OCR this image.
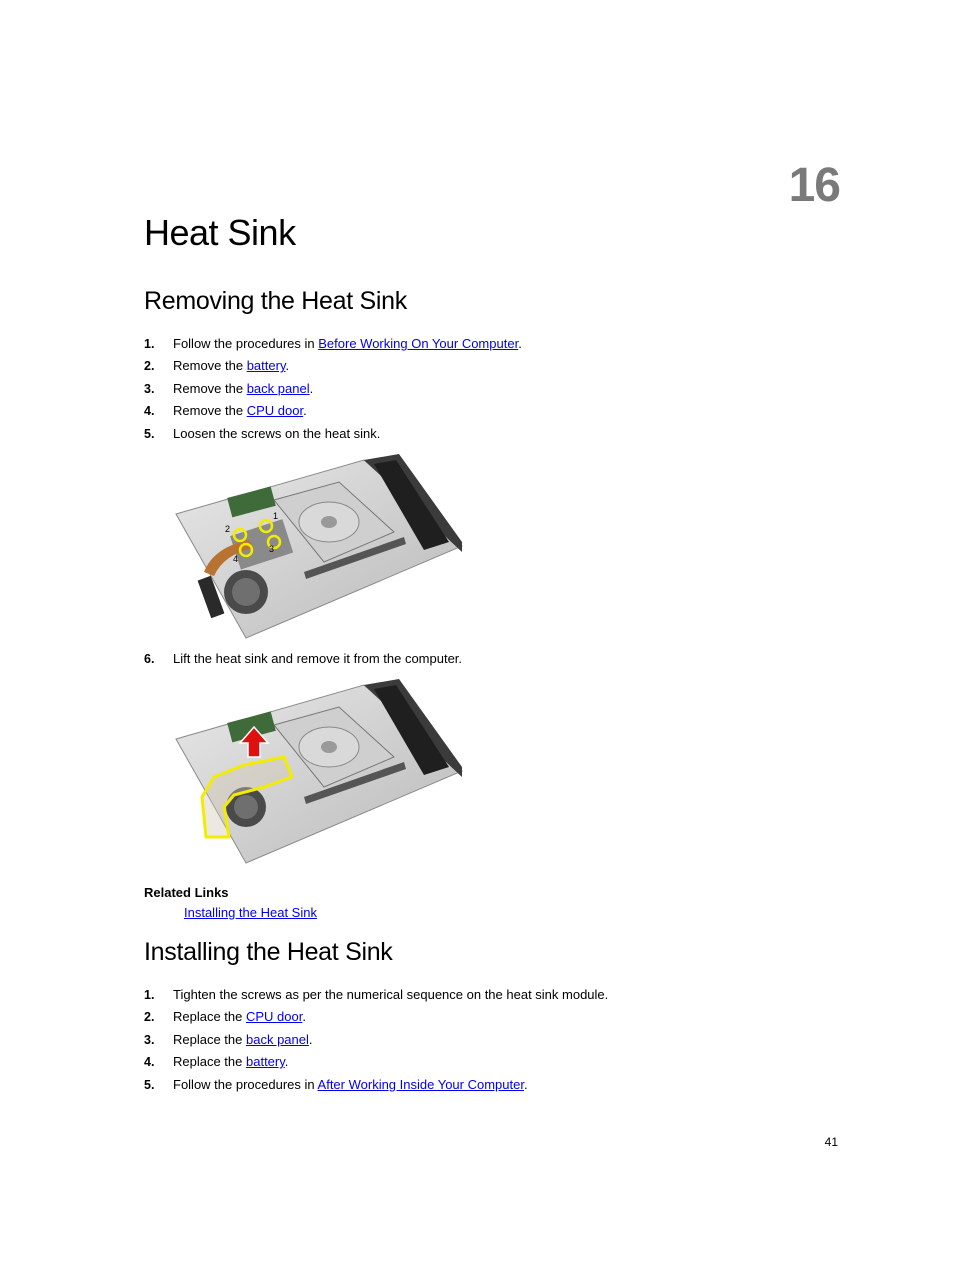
16
Heat Sink
Removing the Heat Sink
1.	Follow the procedures in Before Working On Your Computer.
2.	Remove the battery.
3.	Remove the back panel.
4.	Remove the CPU door.
5.	Loosen the screws on the heat sink.
1
2
3
4
6.	Lift the heat sink and remove it from the computer.
Related Links
Installing the Heat Sink
Installing the Heat Sink
1.	Tighten the screws as per the numerical sequence on the heat sink module.
2.	Replace the CPU door.
3.	Replace the back panel.
4.	Replace the battery.
5.	Follow the procedures in After Working Inside Your Computer.
41
